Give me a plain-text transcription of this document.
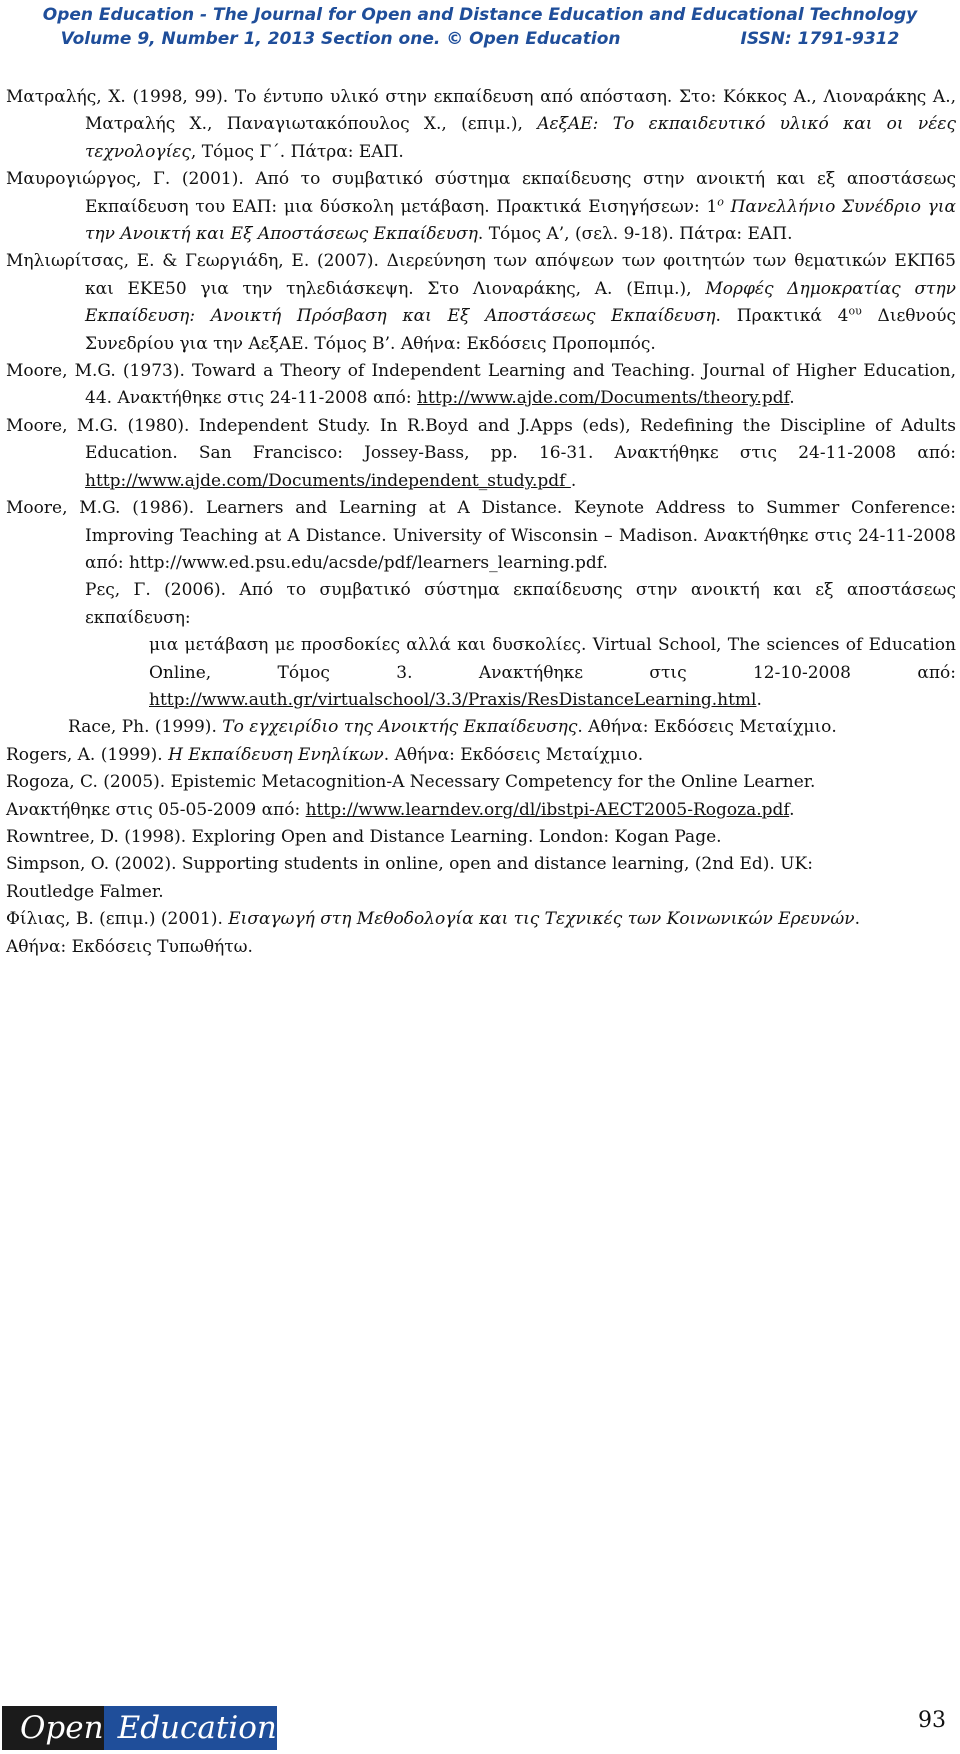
Open Education - The Journal for Open and Distance Education and Educational Technology
Volume 9, Number 1, 2013 Section one. © Open Education	ISSN: 1791-9312

Ματραλής, Χ. (1998, 99). Το έντυπο υλικό στην εκπαίδευση από απόσταση. Στο: Κόκκος Α., Λιοναράκης Α., Ματραλής Χ., Παναγιωτακόπουλος Χ., (επιμ.), ΑεξΑΕ: Το εκπαιδευτικό υλικό και οι νέες τεχνολογίες, Τόμος Γ΄. Πάτρα: ΕΑΠ.

Μαυρογιώργος, Γ. (2001). Από το συμβατικό σύστημα εκπαίδευσης στην ανοικτή και εξ αποστάσεως Εκπαίδευση του ΕΑΠ: μια δύσκολη μετάβαση. Πρακτικά Εισηγήσεων: $1^o$ Πανελλήνιο Συνέδριο για την Ανοικτή και Εξ Αποστάσεως Εκπαίδευση. Τόμος Α’, (σελ. 9-18). Πάτρα: ΕΑΠ.

Μηλιωρίτσας, Ε. & Γεωργιάδη, Ε. (2007). Διερεύνηση των απόψεων των φοιτητών των θεματικών ΕΚΠ65 και ΕΚΕ50 για την τηλεδιάσκεψη. Στο Λιοναράκης, Α. (Επιμ.), Μορφές Δημοκρατίας στην Εκπαίδευση: Ανοικτή Πρόσβαση και Εξ Αποστάσεως Εκπαίδευση. Πρακτικά $4^{o\upsilon}$ Διεθνούς Συνεδρίου για την ΑεξΑΕ. Τόμος Β’. Αθήνα: Εκδόσεις Προπομπός.

Moore, M.G. (1973). Toward a Theory of Independent Learning and Teaching. Journal of Higher Education, 44. Ανακτήθηκε στις 24-11-2008 από: http://www.ajde.com/Documents/theory.pdf.

Moore, M.G. (1980). Independent Study. In R.Boyd and J.Apps (eds), Redefining the Discipline of Adults Education. San Francisco: Jossey-Bass, pp. 16-31. Ανακτήθηκε στις 24-11-2008 από: http://www.ajde.com/Documents/independent_study.pdf .

Moore, M.G. (1986). Learners and Learning at A Distance. Keynote Address to Summer Conference: Improving Teaching at A Distance. University of Wisconsin – Madison. Ανακτήθηκε στις 24-11-2008 από: http://www.ed.psu.edu/acsde/pdf/learners_learning.pdf.

Ρες, Γ. (2006). Από το συμβατικό σύστημα εκπαίδευσης στην ανοικτή και εξ αποστάσεως εκπαίδευση:
μια μετάβαση με προσδοκίες αλλά και δυσκολίες. Virtual School, The sciences of Education Online, Τόμος 3. Ανακτήθηκε στις 12-10-2008 από: http://www.auth.gr/virtualschool/3.3/Praxis/ResDistanceLearning.html.

Race, Ph. (1999). Το εγχειρίδιο της Ανοικτής Εκπαίδευσης. Αθήνα: Εκδόσεις Μεταίχμιο.

Rogers, A. (1999). Η Εκπαίδευση Ενηλίκων. Αθήνα: Εκδόσεις Μεταίχμιο.

Rogoza, C. (2005). Epistemic Metacognition-A Necessary Competency for the Online Learner.
Ανακτήθηκε στις 05-05-2009 από: http://www.learndev.org/dl/ibstpi-AECT2005-Rogoza.pdf.

Rowntree, D. (1998). Exploring Open and Distance Learning. London: Kogan Page.

Simpson, O. (2002). Supporting students in online, open and distance learning, (2nd Ed). UK: Routledge Falmer.

Φίλιας, Β. (επιμ.) (2001). Εισαγωγή στη Μεθοδολογία και τις Τεχνικές των Κοινωνικών Ερευνών.
Αθήνα: Εκδόσεις Τυπωθήτω.
Open Education	93
